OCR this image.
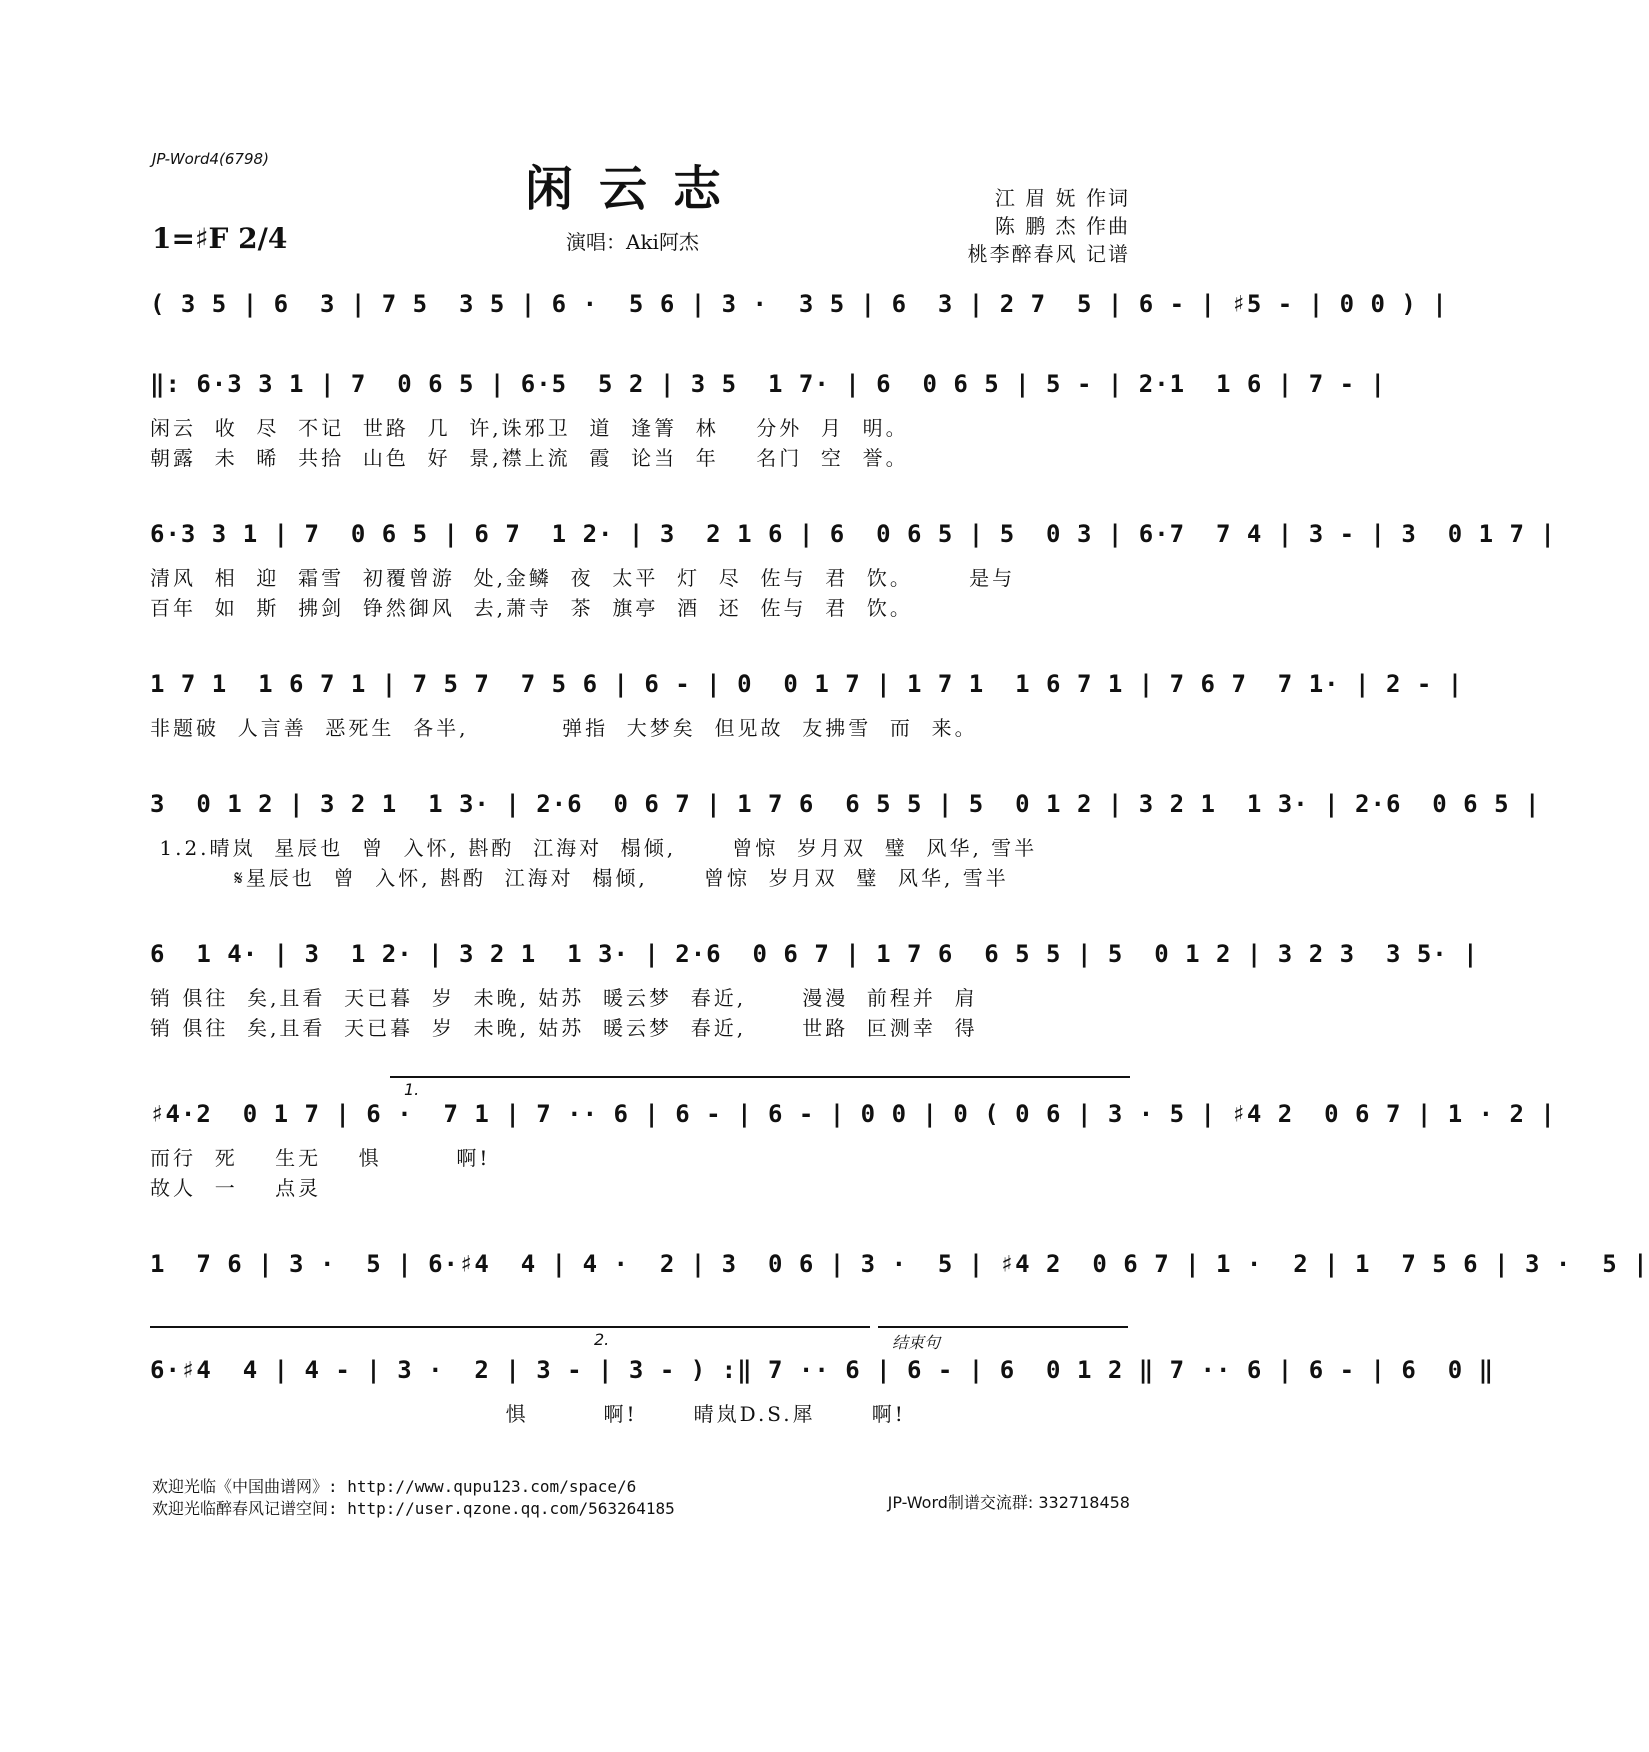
JP-Word4(6798)
闲云志
1=♯F 2/4	演唱：Aki阿杰
江 眉 妩 作词
陈 鹏 杰 作曲
桃李醉春风 记谱
( 3 5 | 6  3 | 7 5  3 5 | 6 ·  5 6 | 3 ·  3 5 | 6  3 | 2 7  5 | 6 - | ♯5 - | 0 0 ) |
‖: 6·3 3 1 | 7  0 6 5 | 6·5  5 2 | 3 5  1 7· | 6  0 6 5 | 5 - | 2·1  1 6 | 7 - |
闲云  收  尽  不记  世路  几  许,诛邪卫  道  逢箐  林    分外  月  明。
朝露  未  晞  共拾  山色  好  景,襟上流  霞  论当  年    名门  空  誉。
6·3 3 1 | 7  0 6 5 | 6 7  1 2· | 3  2 1 6 | 6  0 6 5 | 5  0 3 | 6·7  7 4 | 3 - | 3  0 1 7 |
清风  相  迎  霜雪  初覆曾游  处,金鳞  夜  太平  灯  尽  佐与  君  饮。      是与
百年  如  斯  拂剑  铮然御风  去,萧寺  茶  旗亭  酒  还  佐与  君  饮。
1 7 1  1 6 7 1 | 7 5 7  7 5 6 | 6 - | 0  0 1 7 | 1 7 1  1 6 7 1 | 7 6 7  7 1· | 2 - |
非题破  人言善  恶死生  各半,          弹指  大梦矣  但见故  友拂雪  而  来。
3  0 1 2 | 3 2 1  1 3· | 2·6  0 6 7 | 1 7 6  6 5 5 | 5  0 1 2 | 3 2 1  1 3· | 2·6  0 6 5 |
1.2.晴岚  星辰也  曾  入怀, 斟酌  江海对  榻倾,      曾惊  岁月双  璧  风华, 雪半
𝄋星辰也  曾  入怀, 斟酌  江海对  榻倾,      曾惊  岁月双  璧  风华, 雪半
6  1 4· | 3  1 2· | 3 2 1  1 3· | 2·6  0 6 7 | 1 7 6  6 5 5 | 5  0 1 2 | 3 2 3  3 5· |
销 俱往  矣,且看  天已暮  岁  未晚, 姑苏  暖云梦  春近,      漫漫  前程并  肩
销 俱往  矣,且看  天已暮  岁  未晚, 姑苏  暖云梦  春近,      世路  叵测幸  得
1.
♯4·2  0 1 7 | 6 ·  7 1 | 7 ·· 6 | 6 - | 6 - | 0 0 | 0 ( 0 6 | 3 · 5 | ♯4 2  0 6 7 | 1 · 2 |
而行  死    生无    惧        啊!
故人  一    点灵
1  7 6 | 3 ·  5 | 6·♯4  4 | 4 ·  2 | 3  0 6 | 3 ·  5 | ♯4 2  0 6 7 | 1 ·  2 | 1  7 5 6 | 3 ·  5 |
2.	结束句
6·♯4  4 | 4 - | 3 ·  2 | 3 - | 3 - ) :‖ 7 ·· 6 | 6 - | 6  0 1 2 ‖ 7 ·· 6 | 6 - | 6  0 ‖
惧        啊!      晴岚D.S.犀      啊!
欢迎光临《中国曲谱网》: http://www.qupu123.com/space/6
欢迎光临醉春风记谱空间: http://user.qzone.qq.com/563264185	JP-Word制谱交流群: 332718458
